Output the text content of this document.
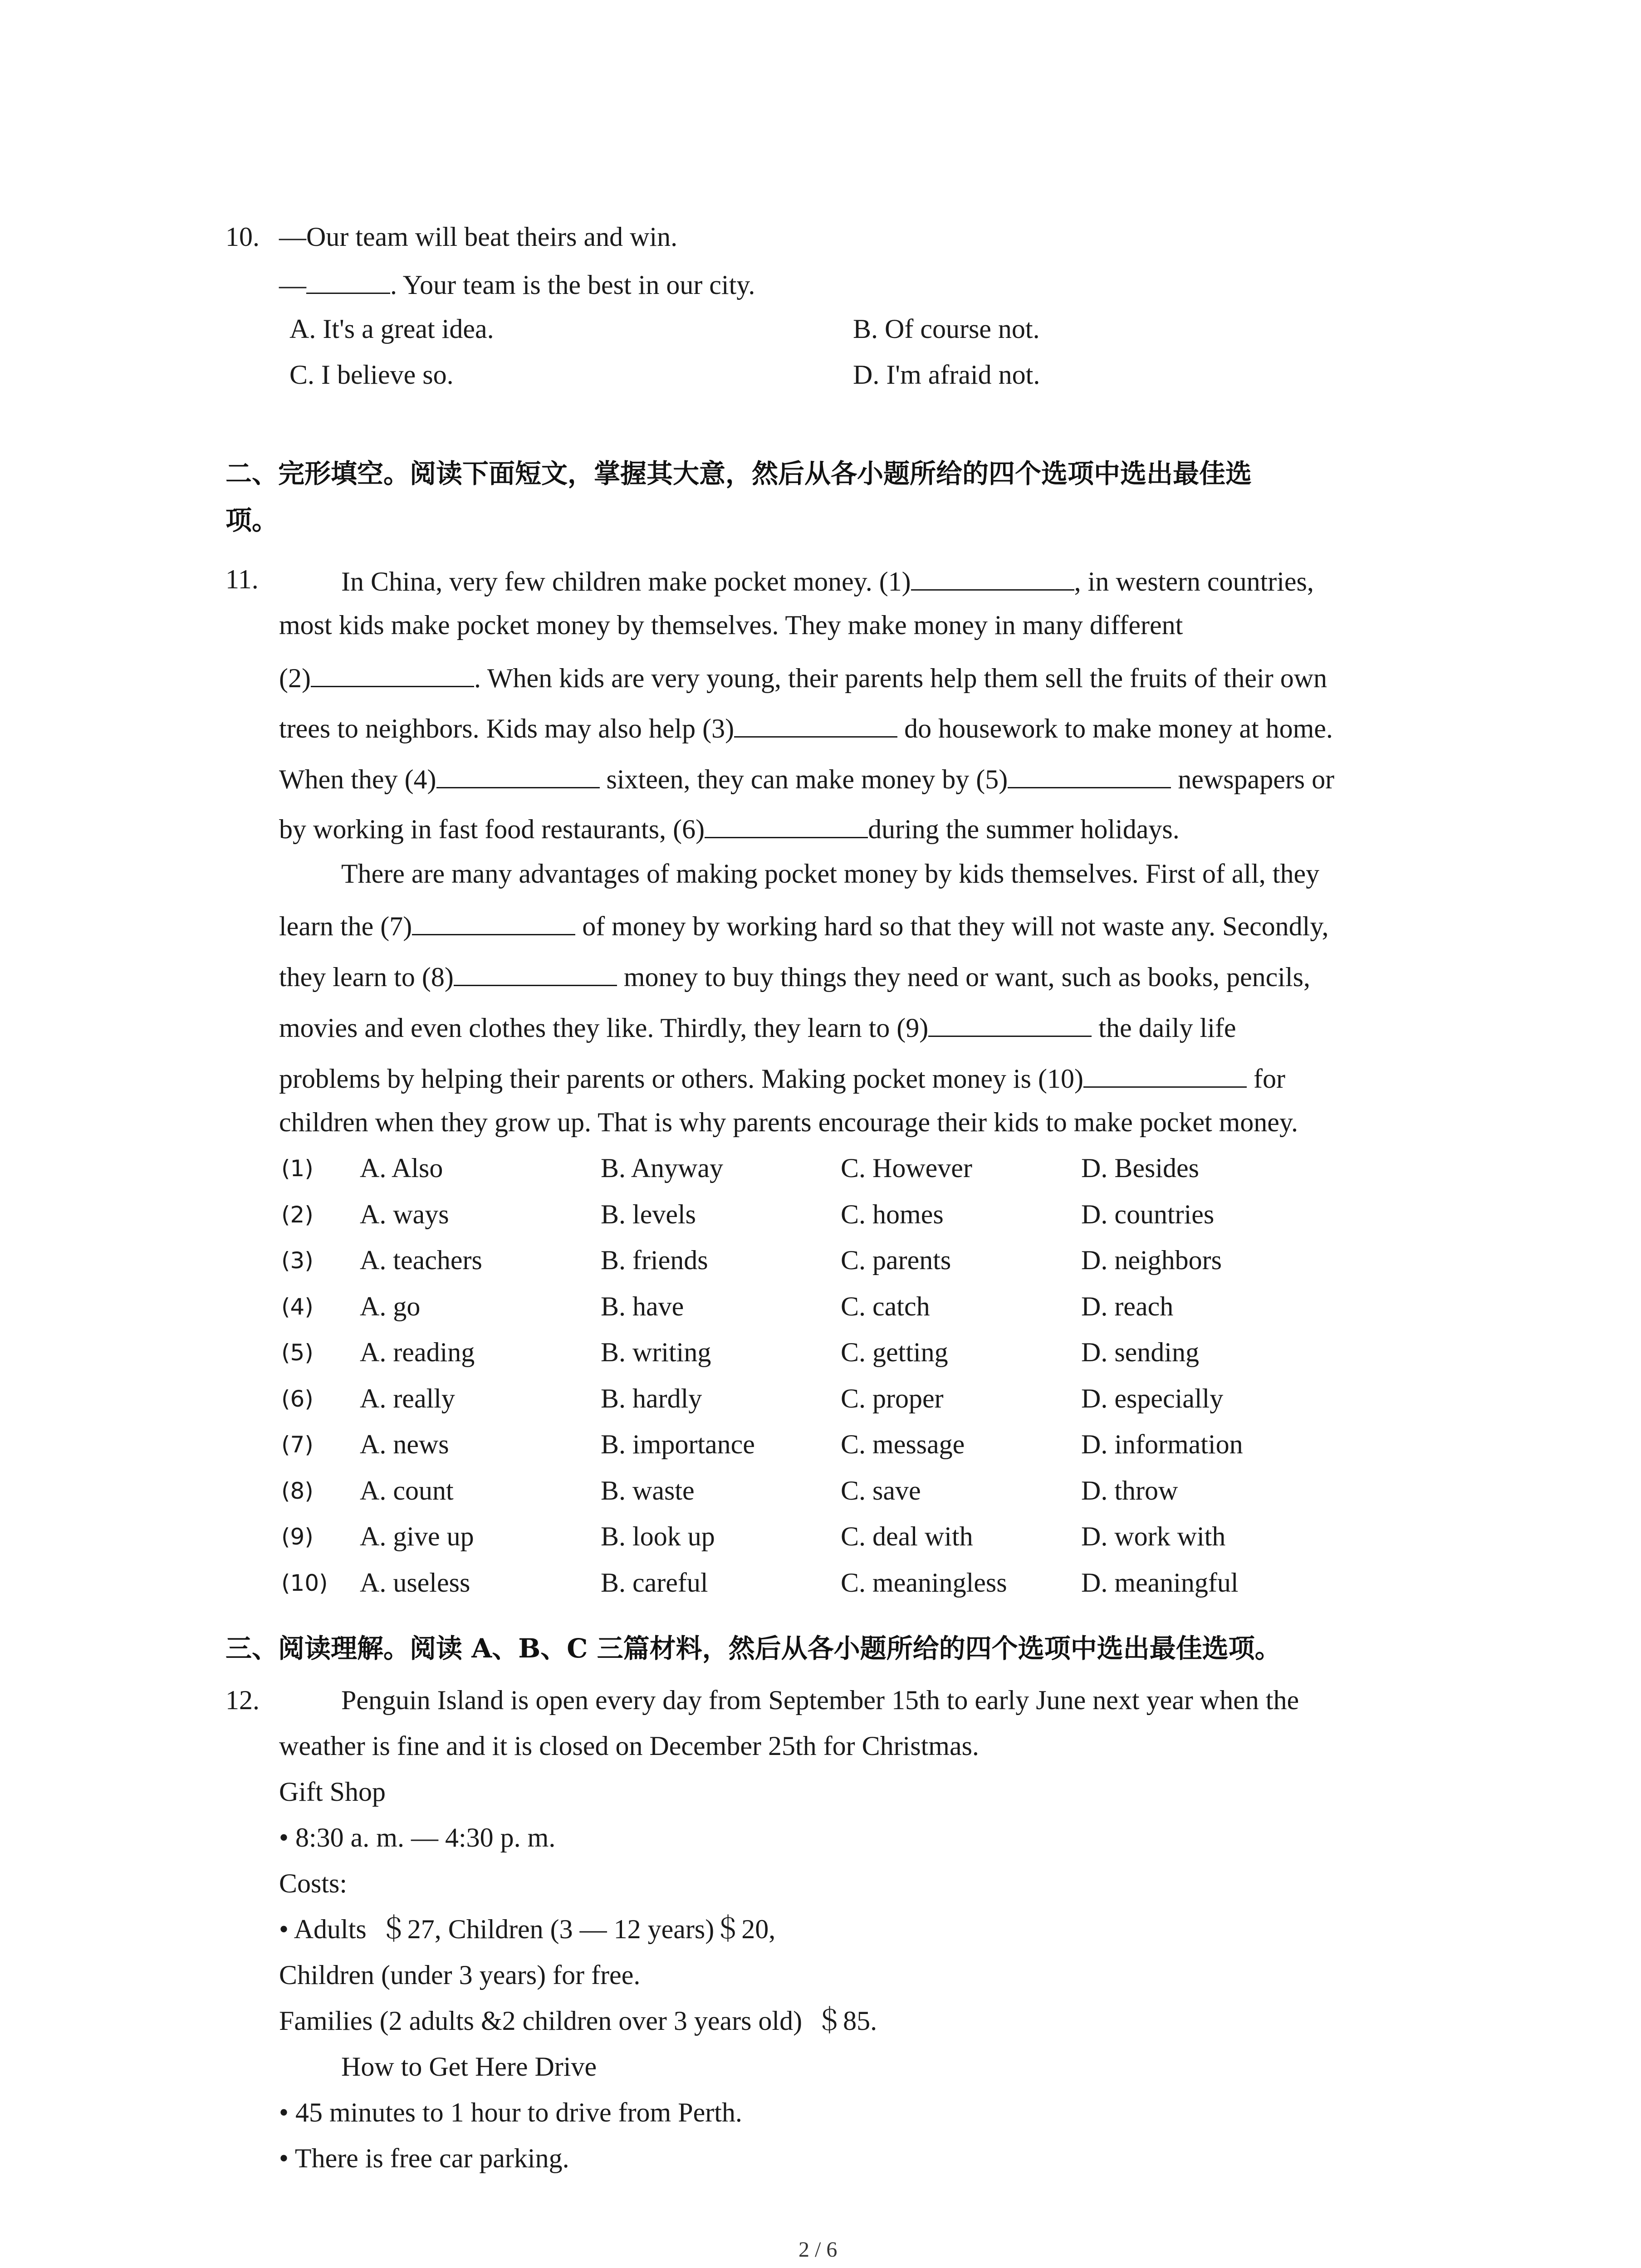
10. —Our team will beat theirs and win.
—	. Your team is the best in our city.
A. It's a great idea.	B. Of course not.
C. I believe so.	D. I'm afraid not.
二、完形填空。阅读下面短文，掌握其大意，然后从各小题所给的四个选项中选出最佳选
项。
11.	In China, very few children make pocket money. (1)	, in western countries,
most kids make pocket money by themselves. They make money in many different
(2)	. When kids are very young, their parents help them sell the fruits of their own
trees to neighbors. Kids may also help (3)	do housework to make money at home.
When they (4)	sixteen, they can make money by (5)	newspapers or
by working in fast food restaurants, (6)	during the summer holidays.
There are many advantages of making pocket money by kids themselves. First of all, they
learn the (7)	of money by working hard so that they will not waste any. Secondly,
they learn to (8)	money to buy things they need or want, such as books, pencils,
movies and even clothes they like. Thirdly, they learn to (9)	the daily life
problems by helping their parents or others. Making pocket money is (10)	for
children when they grow up. That is why parents encourage their kids to make pocket money.
(1) A. Also	B. Anyway	C. However	D. Besides
(2) A. ways	B. levels	C. homes	D. countries
(3) A. teachers	B. friends	C. parents	D. neighbors
(4) A. go	B. have	C. catch	D. reach
(5) A. reading	B. writing	C. getting	D. sending
(6) A. really	B. hardly	C. proper	D. especially
(7) A. news	B. importance	C. message	D. information
(8) A. count	B. waste	C. save	D. throw
(9) A. give up	B. look up	C. deal with	D. work with
(10) A. useless	B. careful	C. meaningless	D. meaningful
三、阅读理解。阅读 A、B、C 三篇材料，然后从各小题所给的四个选项中选出最佳选项。
12.	Penguin Island is open every day from September 15th to early June next year when the
weather is fine and it is closed on December 25th for Christmas.
Gift Shop
• 8:30 a. m. — 4:30 p. m.
Costs:
• Adults  ＄27, Children (3 — 12 years)＄20,
Children (under 3 years) for free.
Families (2 adults &2 children over 3 years old)  ＄85.
How to Get Here Drive
• 45 minutes to 1 hour to drive from Perth.
• There is free car parking.
2 / 6
